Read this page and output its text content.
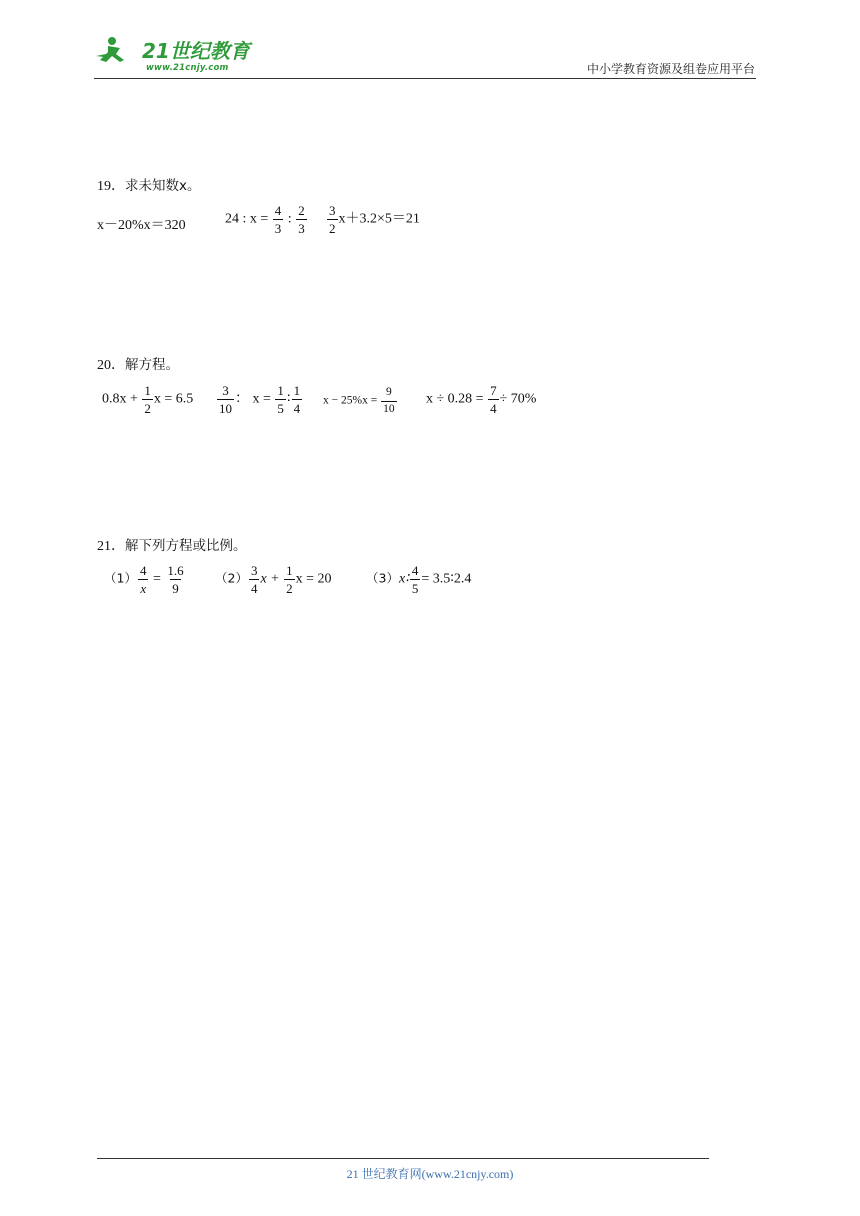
21世纪教育
www.21cnjy.com	中小学教育资源及组卷应用平台
19．求未知数x。
x－20%x＝320	24 : $x = \frac{4}{3}$ : $\frac{2}{3} \frac{3}{2} x+3.2\times 5=21$
20．解方程。
$0.8x + \frac{1}{2}$ $x = 6.5 \frac{3}{10}$ ： $x = \frac{1}{5}$ ∶ $\frac{1}{4}$ $x - 25\%x = \frac{9}{10}$ $x \div 0.28 = \frac{7}{4} \div 70\%$
21．解下列方程或比例。
$(1) \frac{4}{x} = \frac{1.6}{9} (2) \frac{3}{4}$ $x + \frac{1}{2}$ x = 20	（3）x∶ $\frac{4}{5}$ = 3.5∶2.4
21 世纪教育网(www.21cnjy.com)
